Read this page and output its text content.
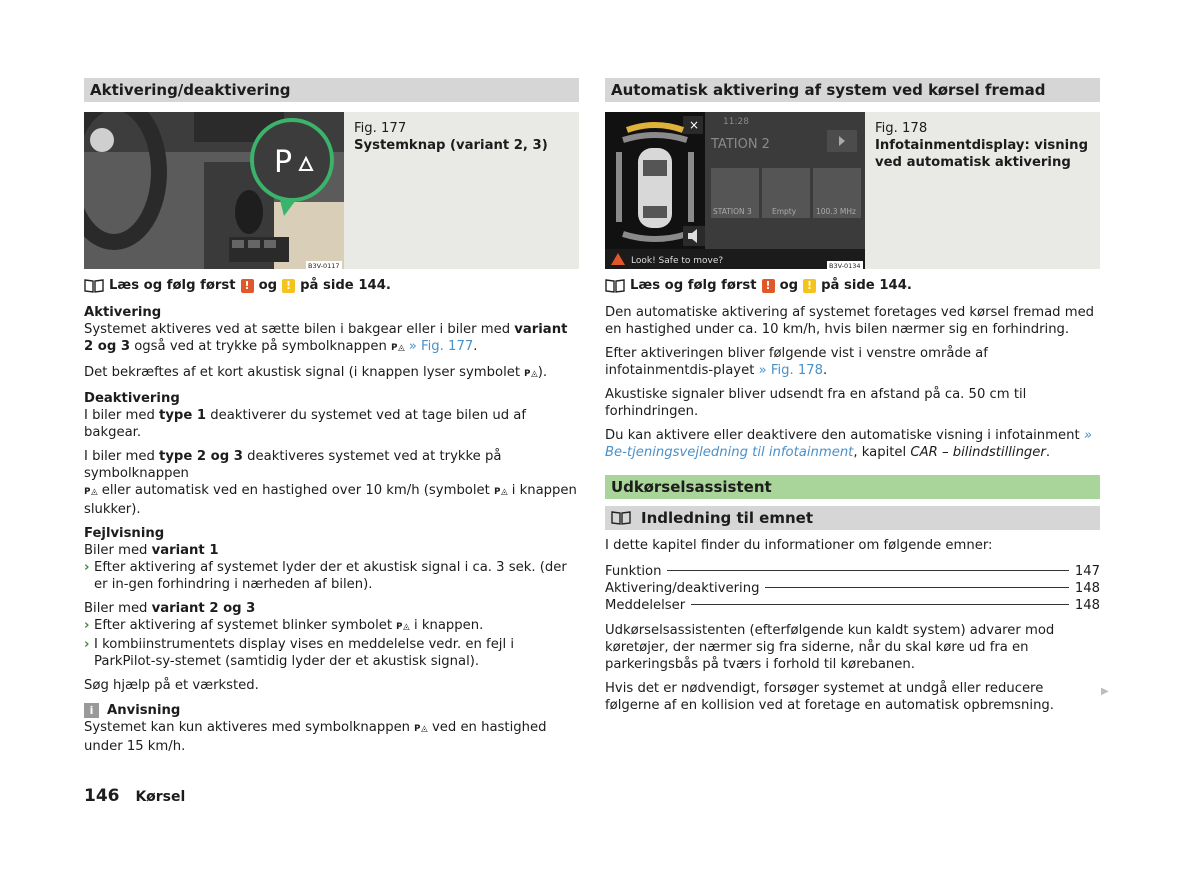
Aktivering/deaktivering
P
B3V-0117
Fig. 177
Systemknap (variant 2, 3)
Læs og følg først ! og ! på side 144.

Aktivering

Systemet aktiveres ved at sætte bilen i bakgear eller i biler med variant 2 og 3 også ved at trykke på symbolknappen P◬ » Fig. 177.

Det bekræftes af et kort akustisk signal (i knappen lyser symbolet P◬).

Deaktivering

I biler med type 1 deaktiverer du systemet ved at tage bilen ud af bakgear.

I biler med type 2 og 3 deaktiveres systemet ved at trykke på symbolknappen
P◬ eller automatisk ved en hastighed over 10 km/h (symbolet P◬ i knappen slukker).

Fejlvisning

Biler med variant 1

› Efter aktivering af systemet lyder der et akustisk signal i ca. 3 sek. (der er in-gen forhindring i nærheden af bilen).

Biler med variant 2 og 3

› Efter aktivering af systemet blinker symbolet P◬ i knappen.
› I kombiinstrumentets display vises en meddelelse vedr. en fejl i ParkPilot-sy-stemet (samtidig lyder der et akustisk signal).

Søg hjælp på et værksted.

i	Anvisning

Systemet kan kun aktiveres med symbolknappen P◬ ved en hastighed under 15 km/h.

Automatisk aktivering af system ved kørsel fremad
×	11:28
TATION 2
STATION 3	Empty	100.3 MHz
Look! Safe to move?	B3V-0134
Fig. 178
Infotainmentdisplay: visning ved automatisk aktivering
Læs og følg først ! og ! på side 144.

Den automatiske aktivering af systemet foretages ved kørsel fremad med en hastighed under ca. 10 km/h, hvis bilen nærmer sig en forhindring.

Efter aktiveringen bliver følgende vist i venstre område af infotainmentdis-playet » Fig. 178.

Akustiske signaler bliver udsendt fra en afstand på ca. 50 cm til forhindringen.

Du kan aktivere eller deaktivere den automatiske visning i infotainment » Be-tjeningsvejledning til infotainment, kapitel CAR – bilindstillinger.

Udkørselsassistent
Indledning til emnet

I dette kapitel finder du informationer om følgende emner:

Funktion	147
Aktivering/deaktivering	148
Meddelelser	148

Udkørselsassistenten (efterfølgende kun kaldt system) advarer mod køretøjer, der nærmer sig fra siderne, når du skal køre ud fra en parkeringsbås på tværs i forhold til kørebanen.

Hvis det er nødvendigt, forsøger systemet at undgå eller reducere følgerne af en kollision ved at foretage en automatisk opbremsning.

▶
146 Kørsel
